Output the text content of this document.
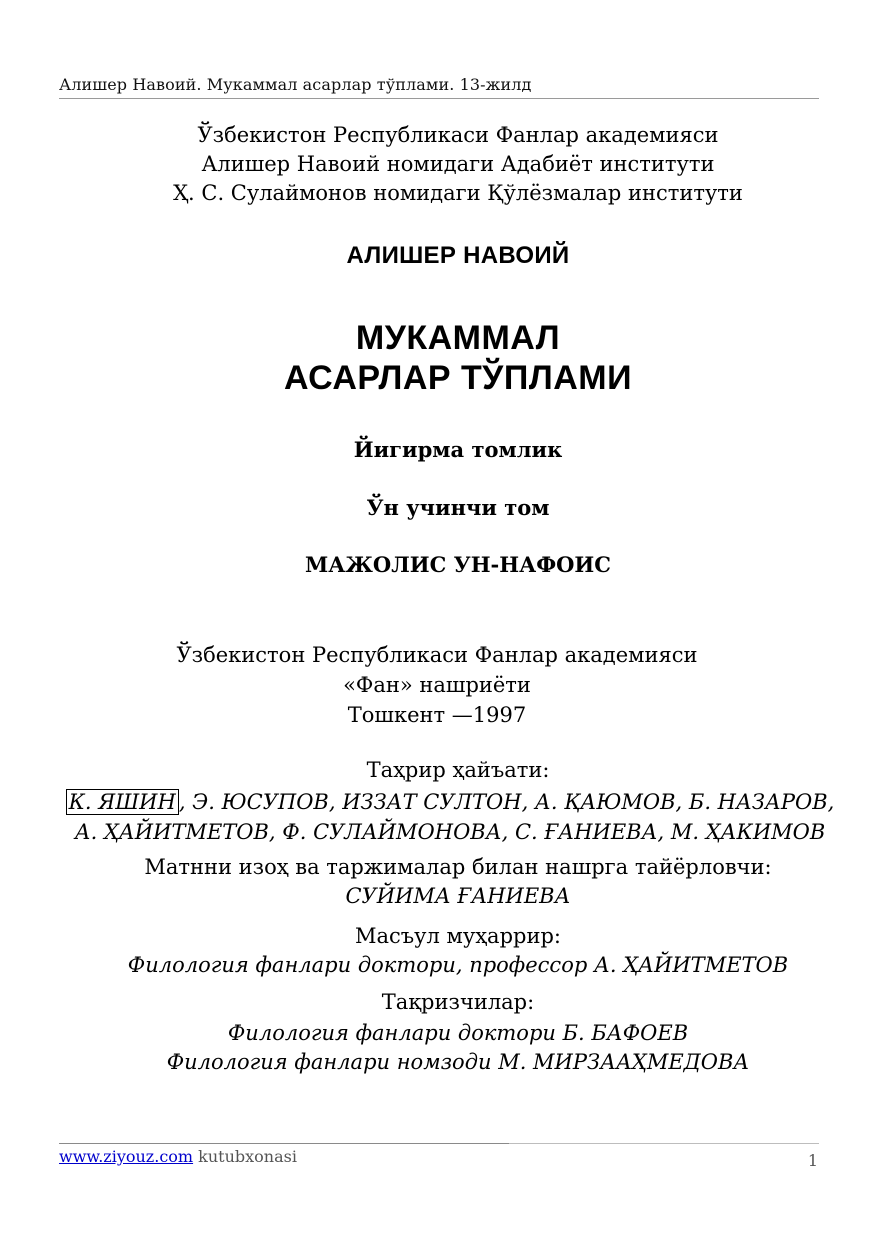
Алишер Навоий. Мукаммал асарлар тўплами. 13-жилд
Ўзбекистон Республикаси Фанлар академияси
Алишер Навоий номидаги Адабиёт институти
Ҳ. С. Сулаймонов номидаги Қўлёзмалар институти
АЛИШЕР НАВОИЙ
МУКАММАЛ
АСАРЛАР ТЎПЛАМИ
Йигирма томлик
Ўн учинчи том
МАЖОЛИС УН-НАФОИС
Ўзбекистон Республикаси Фанлар академияси
«Фан» нашриёти
Тошкент —1997
Таҳрир ҳайъати:
К. ЯШИН , Э. ЮСУПОВ, ИЗЗАТ СУЛТОН, А. ҚАЮМОВ, Б. НАЗАРОВ,
А. ҲАЙИТМЕТОВ, Ф. СУЛАЙМОНОВА, С. ҒАНИЕВА, М. ҲАКИМОВ
Матнни изоҳ ва таржималар билан нашрга тайёрловчи:
СУЙИМА ҒАНИЕВА
Масъул муҳаррир:
Филология фанлари доктори, профессор А. ҲАЙИТМЕТОВ
Тақризчилар:
Филология фанлари доктори Б. БАФОЕВ
Филология фанлари номзоди М. МИРЗААҲМЕДОВА
www.ziyouz.com kutubxonasi	1
